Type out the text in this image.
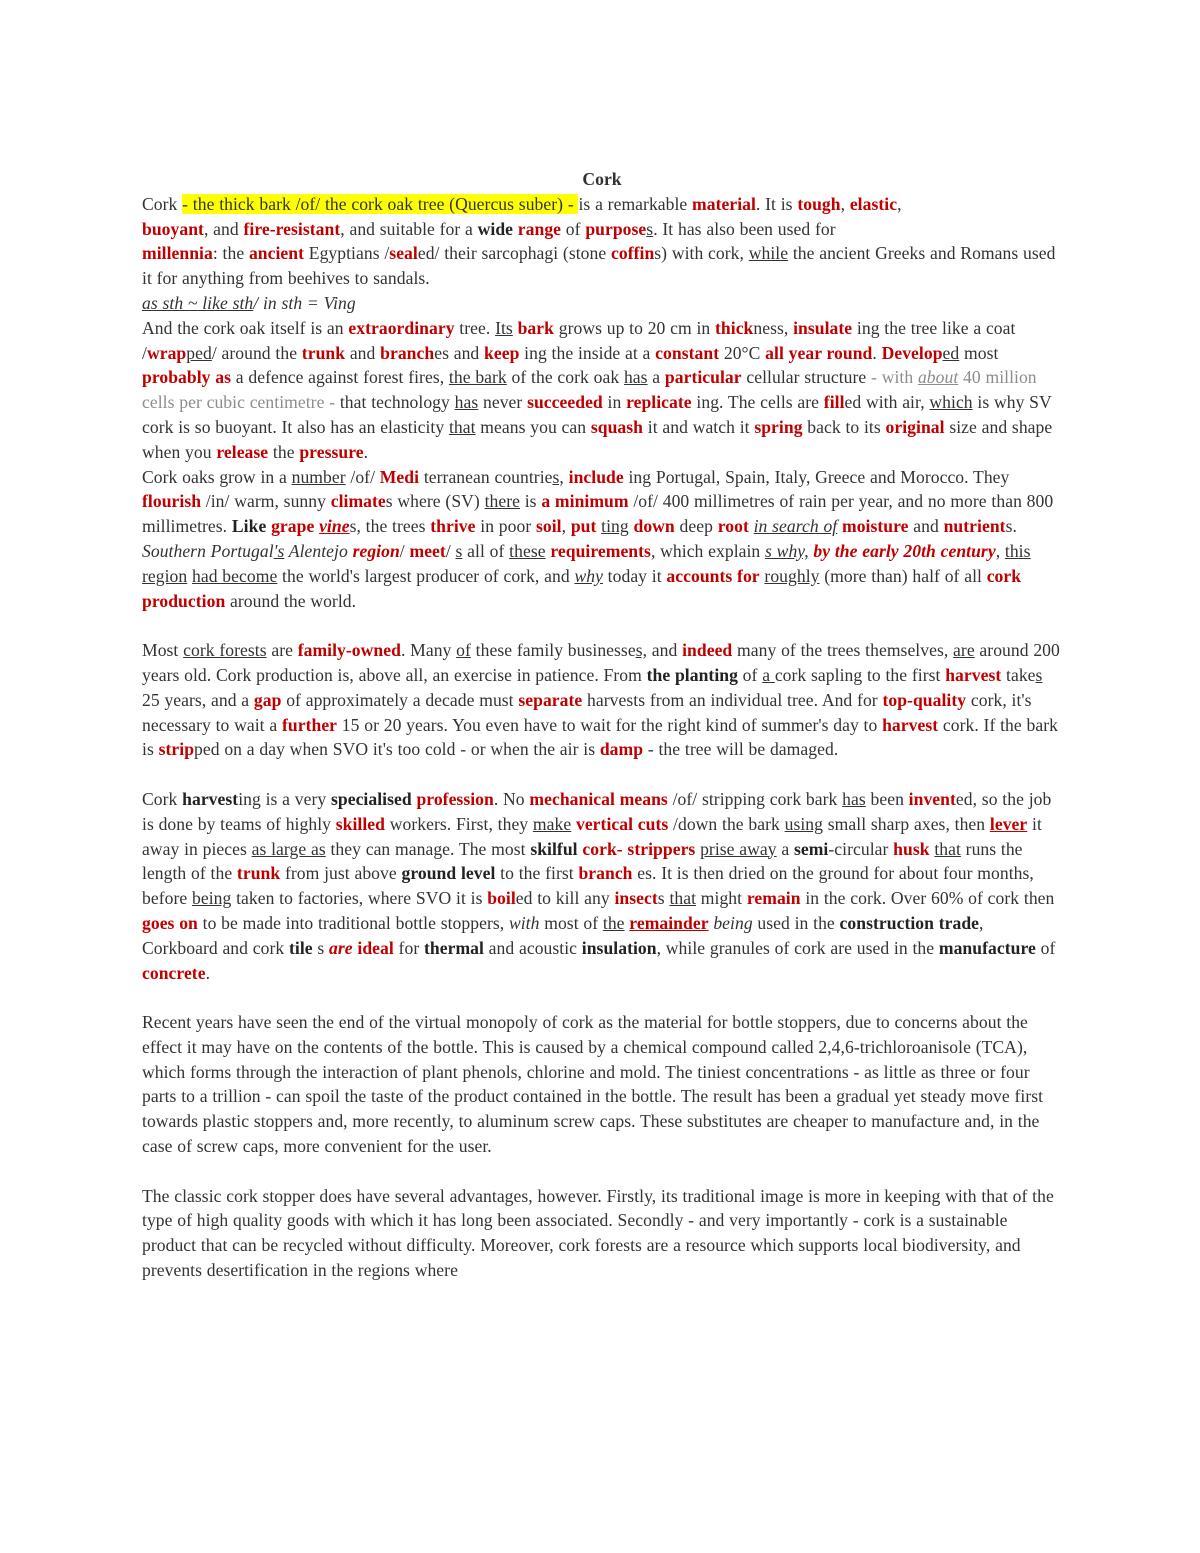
Cork

Cork - the thick bark /of/ the cork oak tree (Quercus suber) - is a remarkable material. It is tough, elastic,
buoyant, and fire-resistant, and suitable for a wide range of purposes. It has also been used for
millennia: the ancient Egyptians /sealed/ their sarcophagi (stone coffins) with cork, while the ancient Greeks and Romans used it for anything from beehives to sandals.

as sth ~ like sth/ in sth = Ving

And the cork oak itself is an extraordinary tree. Its bark grows up to 20 cm in thickness, insulate ing the tree like a coat /wrapped/ around the trunk and branches and keep ing the inside at a constant 20°C all year round. Developed most probably as a defence against forest fires, the bark of the cork oak has a particular cellular structure - with about 40 million cells per cubic centimetre - that technology has never succeeded in replicate ing. The cells are filled with air, which is why SV cork is so buoyant. It also has an elasticity that means you can squash it and watch it spring back to its original size and shape when you release the pressure.

Cork oaks grow in a number /of/ Medi terranean countries, include ing Portugal, Spain, Italy, Greece and Morocco. They flourish /in/ warm, sunny climates where (SV) there is a minimum /of/ 400 millimetres of rain per year, and no more than 800 millimetres. Like grape vines, the trees thrive in poor soil, put ting down deep root in search of moisture and nutrients. Southern Portugal's Alentejo region/ meet/ s all of these requirements, which explain s why, by the early 20th century, this region had become the world's largest producer of cork, and why today it accounts for roughly (more than) half of all cork
production around the world.

Most cork forests are family-owned. Many of these family businesses, and indeed many of the trees themselves, are around 200 years old. Cork production is, above all, an exercise in patience. From the planting of a cork sapling to the first harvest takes 25 years, and a gap of approximately a decade must separate harvests from an individual tree. And for top-quality cork, it's necessary to wait a further 15 or 20 years. You even have to wait for the right kind of summer's day to harvest cork. If the bark is stripped on a day when SVO it's too cold - or when the air is damp - the tree will be damaged.

Cork harvesting is a very specialised profession. No mechanical means /of/ stripping cork bark has been invented, so the job is done by teams of highly skilled workers. First, they make vertical cuts /down the bark using small sharp axes, then lever it away in pieces as large as they can manage. The most skilful cork- strippers prise away a semi-circular husk that runs the length of the trunk from just above ground level to the first branch es. It is then dried on the ground for about four months, before being taken to factories, where SVO it is boiled to kill any insects that might remain in the cork. Over 60% of cork then goes on to be made into traditional bottle stoppers, with most of the remainder being used in the construction trade, Corkboard and cork tile s are ideal for thermal and acoustic insulation, while granules of cork are used in the manufacture of concrete.

Recent years have seen the end of the virtual monopoly of cork as the material for bottle stoppers, due to concerns about the effect it may have on the contents of the bottle. This is caused by a chemical compound called 2,4,6-trichloroanisole (TCA), which forms through the interaction of plant phenols, chlorine and mold. The tiniest concentrations - as little as three or four parts to a trillion - can spoil the taste of the product contained in the bottle. The result has been a gradual yet steady move first towards plastic stoppers and, more recently, to aluminum screw caps. These substitutes are cheaper to manufacture and, in the case of screw caps, more convenient for the user.

The classic cork stopper does have several advantages, however. Firstly, its traditional image is more in keeping with that of the type of high quality goods with which it has long been associated. Secondly - and very importantly - cork is a sustainable product that can be recycled without difficulty. Moreover, cork forests are a resource which supports local biodiversity, and prevents desertification in the regions where
